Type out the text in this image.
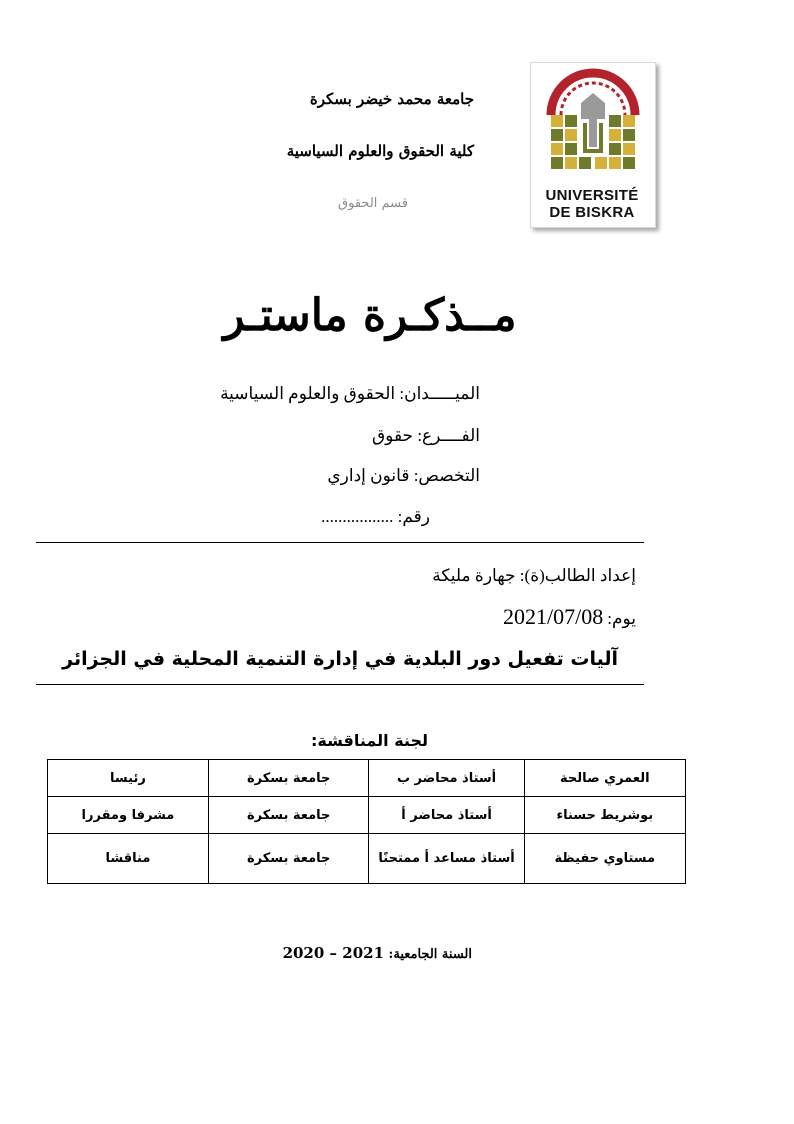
UNIVERSITÉ
DE BISKRA
جامعة محمد خيضر بسكرة
كلية الحقوق والعلوم السياسية
قسم الحقوق
مــذكـرة ماستـر
الميـــــدان: الحقوق والعلوم السياسية
الفــــرع: حقوق
التخصص: قانون إداري
رقم: .................
إعداد الطالب(ة): جهارة مليكة
يوم: 2021/07/08
آليات تفعيل دور البلدية في إدارة التنمية المحلية في الجزائر
لجنة المناقشة:
العمري صالحة	أستاذ محاضر ب	جامعة بسكرة	رئيسا
بوشريط حسناء	أستاذ محاضر أ	جامعة بسكرة	مشرفا ومقررا
مستاوي حفيظة	أستاذ مساعد أ ممتحنًا	جامعة بسكرة	مناقشا
السنة الجامعية: 2021 – 2020
